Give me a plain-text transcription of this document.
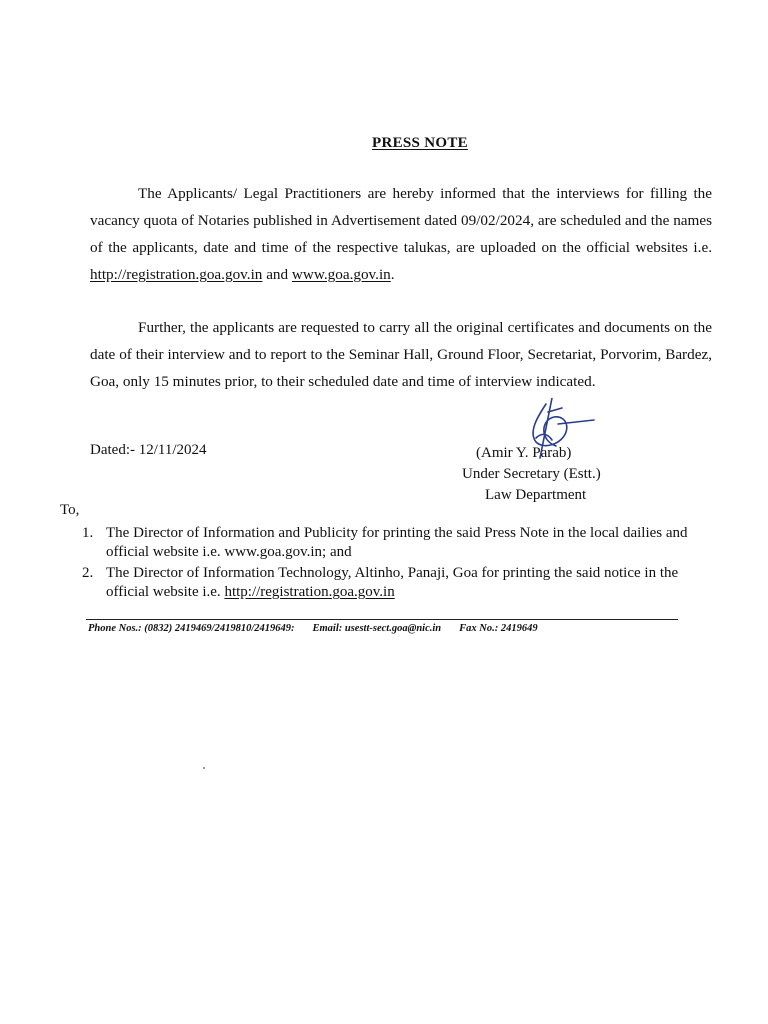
PRESS NOTE

The Applicants/ Legal Practitioners are hereby informed that the interviews for filling the vacancy quota of Notaries published in Advertisement dated 09/02/2024, are scheduled and the names of the applicants, date and time of the respective talukas, are uploaded on the official websites i.e. http://registration.goa.gov.in and www.goa.gov.in.

Further, the applicants are requested to carry all the original certificates and documents on the date of their interview and to report to the Seminar Hall, Ground Floor, Secretariat, Porvorim, Bardez, Goa, only 15 minutes prior, to their scheduled date and time of interview indicated.

Dated:- 12/11/2024	(Amir Y. Parab)
Under Secretary (Estt.)
Law Department
To,
1. The Director of Information and Publicity for printing the said Press Note in the local dailies and official website i.e. www.goa.gov.in; and
2. The Director of Information Technology, Altinho, Panaji, Goa for printing the said notice in the official website i.e. http://registration.goa.gov.in
Phone Nos.: (0832) 2419469/2419810/2419649: Email: usestt-sect.goa@nic.in Fax No.: 2419649
